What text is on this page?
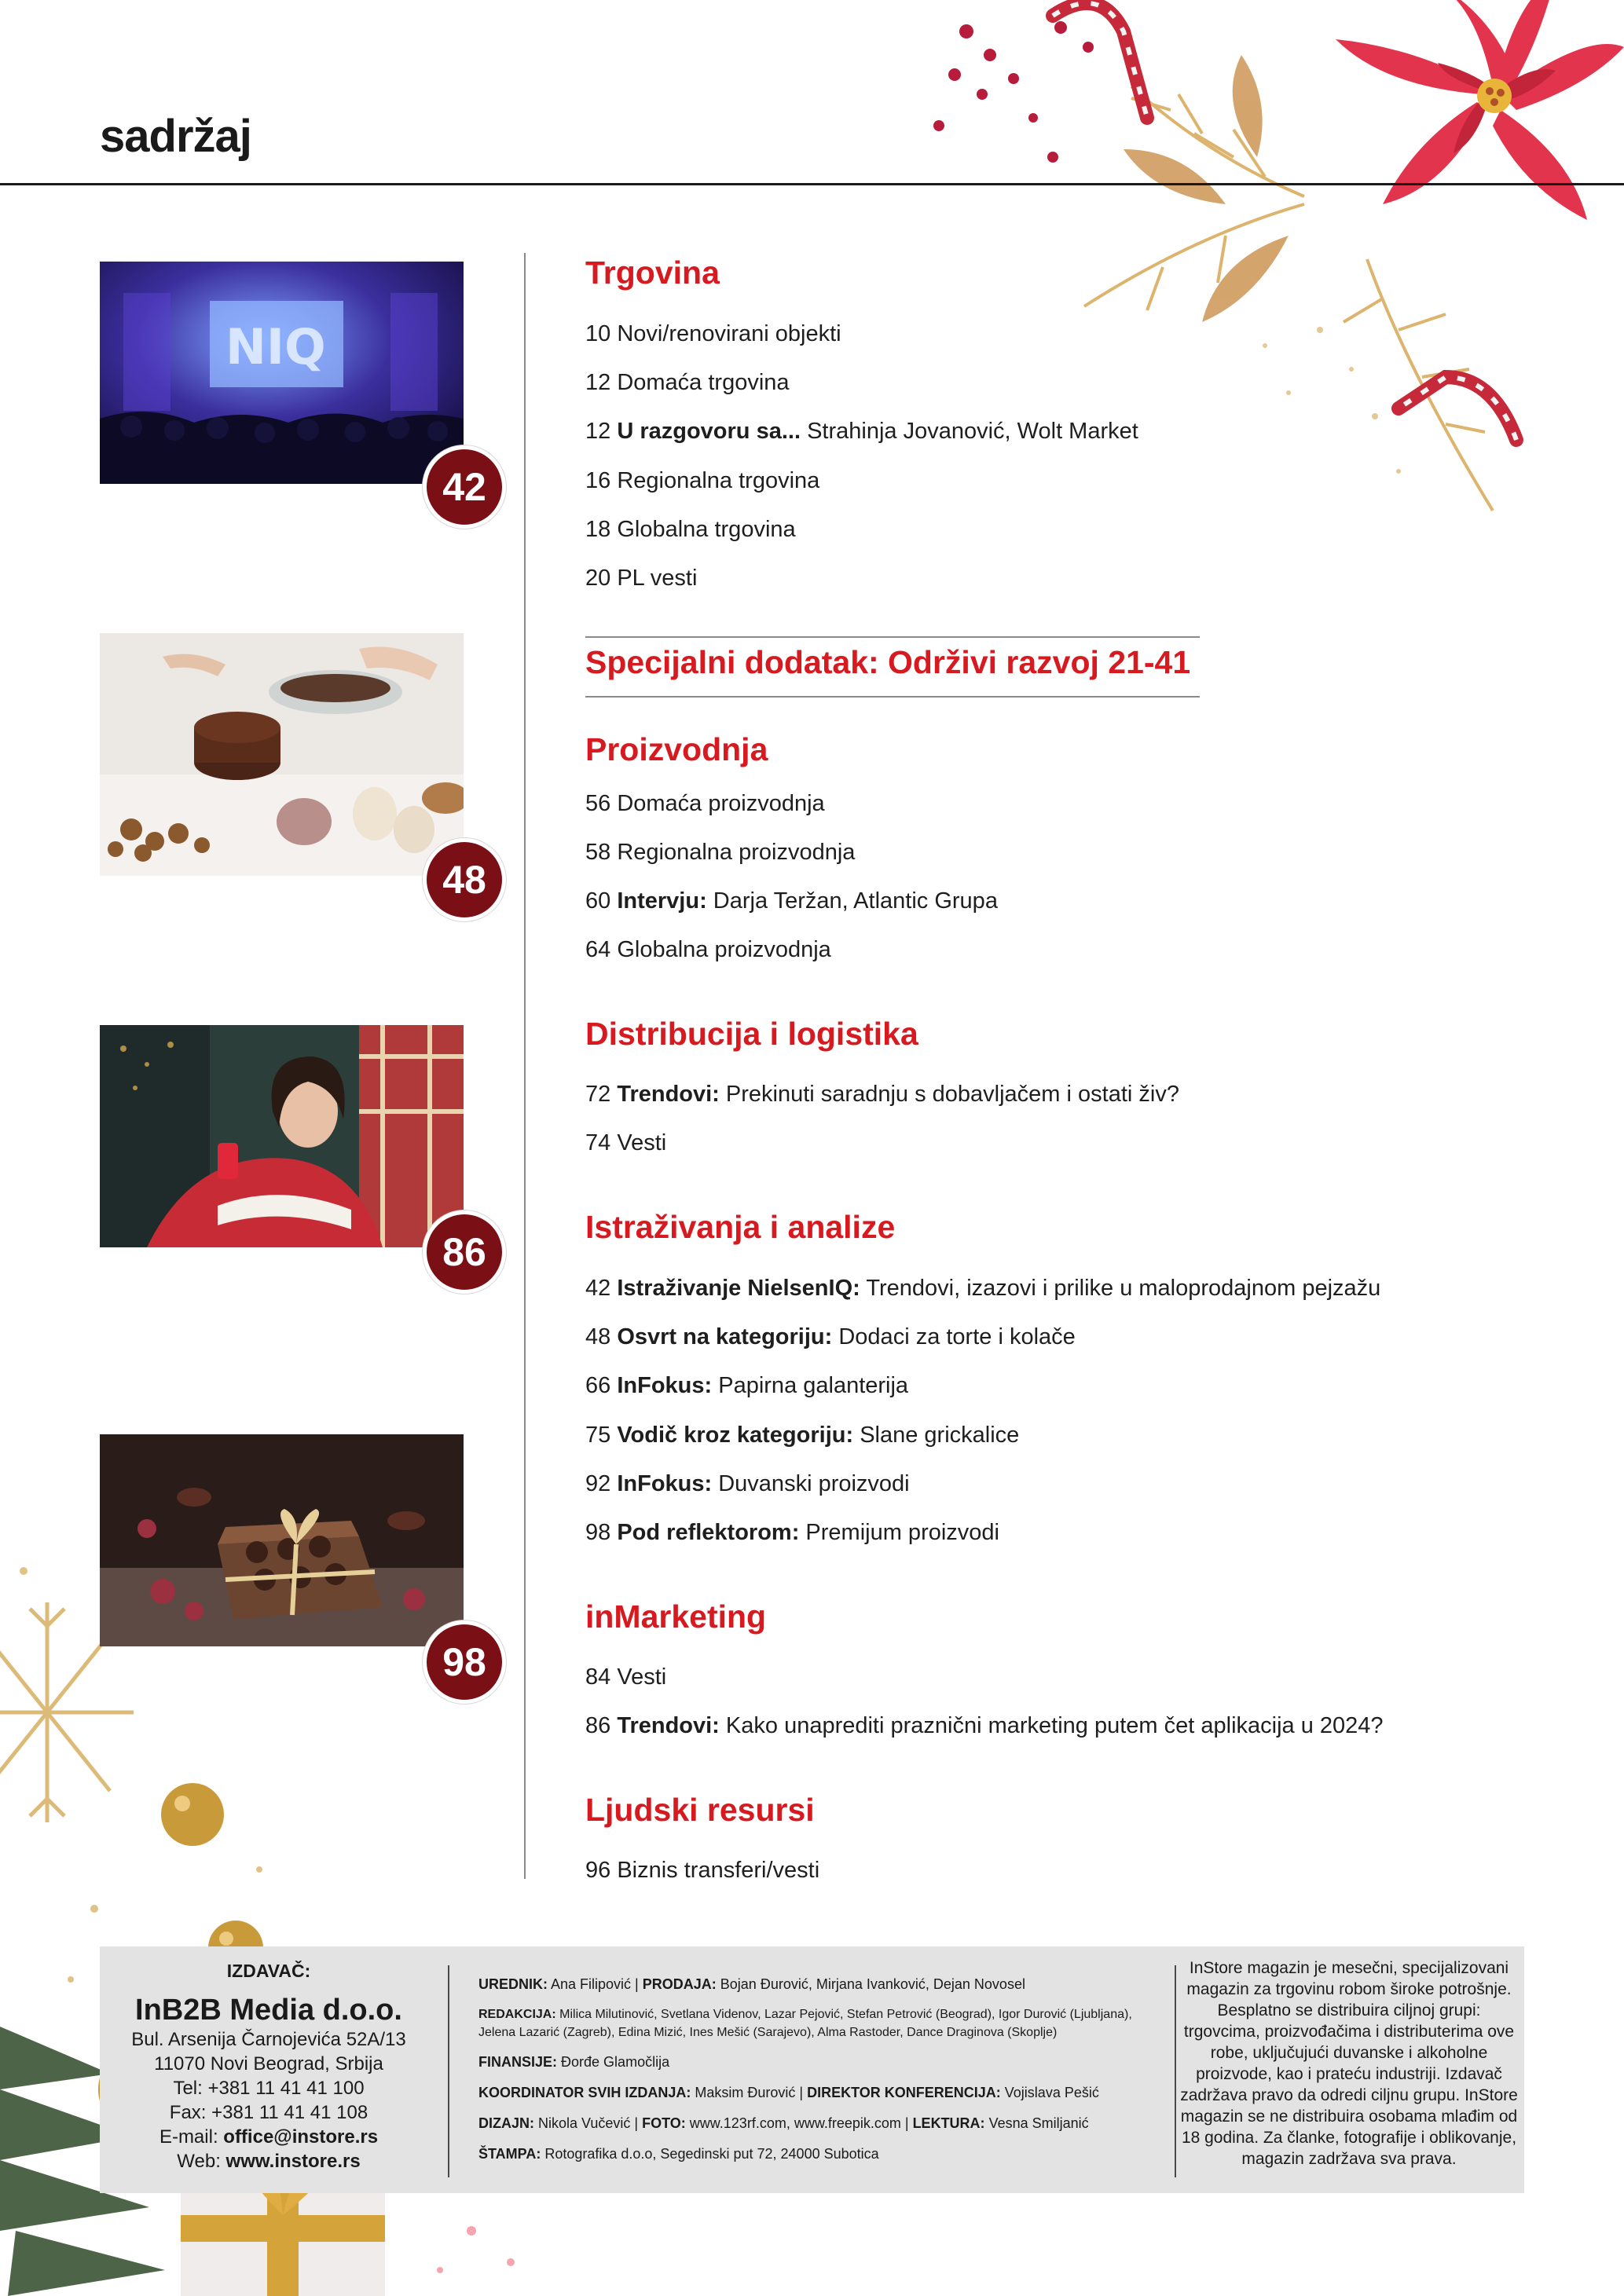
sadržaj
NIQ
42
48
86
98
Trgovina
10 Novi/renovirani objekti
12 Domaća trgovina
12 U razgovoru sa... Strahinja Jovanović, Wolt Market
16 Regionalna trgovina
18 Globalna trgovina
20 PL vesti
Specijalni dodatak: Održivi razvoj 21-41
Proizvodnja
56 Domaća proizvodnja
58 Regionalna proizvodnja
60 Intervju: Darja Teržan, Atlantic Grupa
64 Globalna proizvodnja
Distribucija i logistika
72 Trendovi: Prekinuti saradnju s dobavljačem i ostati živ?
74 Vesti
Istraživanja i analize
42 Istraživanje NielsenIQ: Trendovi, izazovi i prilike u maloprodajnom pejzažu
48 Osvrt na kategoriju: Dodaci za torte i kolače
66 InFokus: Papirna galanterija
75 Vodič kroz kategoriju: Slane grickalice
92 InFokus: Duvanski proizvodi
98 Pod reflektorom: Premijum proizvodi
inMarketing
84 Vesti
86 Trendovi: Kako unaprediti praznični marketing putem čet aplikacija u 2024?
Ljudski resursi
96 Biznis transferi/vesti
IZDAVAČ:
InB2B Media d.o.o.
Bul. Arsenija Čarnojevića 52A/13
11070 Novi Beograd, Srbija
Tel: +381 11 41 41 100
Fax: +381 11 41 41 108
E-mail: office@instore.rs
Web: www.instore.rs

UREDNIK: Ana Filipović | PRODAJA: Bojan Đurović, Mirjana Ivanković, Dejan Novosel

REDAKCIJA: Milica Milutinović, Svetlana Videnov, Lazar Pejović, Stefan Petrović (Beograd), Igor Durović (Ljubljana), Jelena Lazarić (Zagreb), Edina Mizić, Ines Mešić (Sarajevo), Alma Rastoder, Dance Draginova (Skoplje)

FINANSIJE: Đorđe Glamočlija

KOORDINATOR SVIH IZDANJA: Maksim Đurović | DIREKTOR KONFERENCIJA: Vojislava Pešić

DIZAJN: Nikola Vučević | FOTO: www.123rf.com, www.freepik.com | LEKTURA: Vesna Smiljanić

ŠTAMPA: Rotografika d.o.o, Segedinski put 72, 24000 Subotica

InStore magazin je mesečni, specijalizovani magazin za trgovinu robom široke potrošnje. Besplatno se distribuira ciljnoj grupi: trgovcima, proizvođačima i distributerima ove robe, uključujući duvanske i alkoholne proizvode, kao i prateću industriji. Izdavač zadržava pravo da odredi ciljnu grupu. InStore magazin se ne distribuira osobama mlađim od 18 godina. Za članke, fotografije i oblikovanje, magazin zadržava sva prava.
